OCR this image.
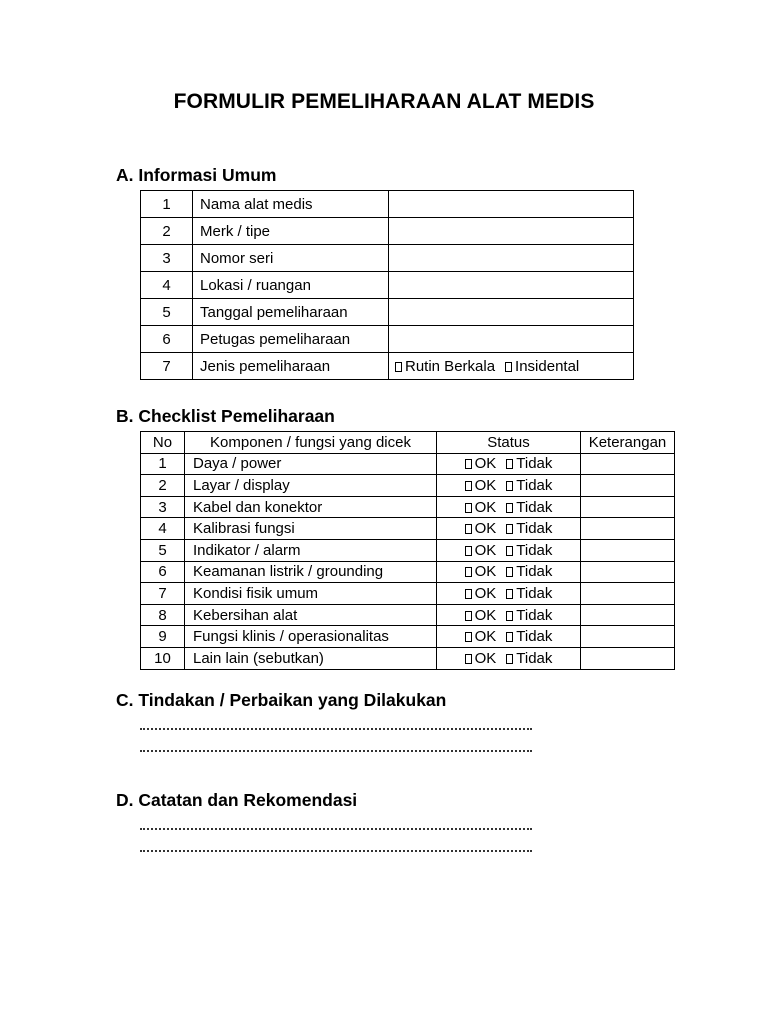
FORMULIR PEMELIHARAAN ALAT MEDIS
A. Informasi Umum
1	Nama alat medis	
2	Merk / tipe	
3	Nomor seri	
4	Lokasi / ruangan	
5	Tanggal pemeliharaan	
6	Petugas pemeliharaan	
7	Jenis pemeliharaan	Rutin Berkala Insidental
B. Checklist Pemeliharaan
No	Komponen / fungsi yang dicek	Status	Keterangan
1	Daya / power	OK Tidak	
2	Layar / display	OK Tidak	
3	Kabel dan konektor	OK Tidak	
4	Kalibrasi fungsi	OK Tidak	
5	Indikator / alarm	OK Tidak	
6	Keamanan listrik / grounding	OK Tidak	
7	Kondisi fisik umum	OK Tidak	
8	Kebersihan alat	OK Tidak	
9	Fungsi klinis / operasionalitas	OK Tidak	
10	Lain lain (sebutkan)	OK Tidak	
C. Tindakan / Perbaikan yang Dilakukan
D. Catatan dan Rekomendasi
